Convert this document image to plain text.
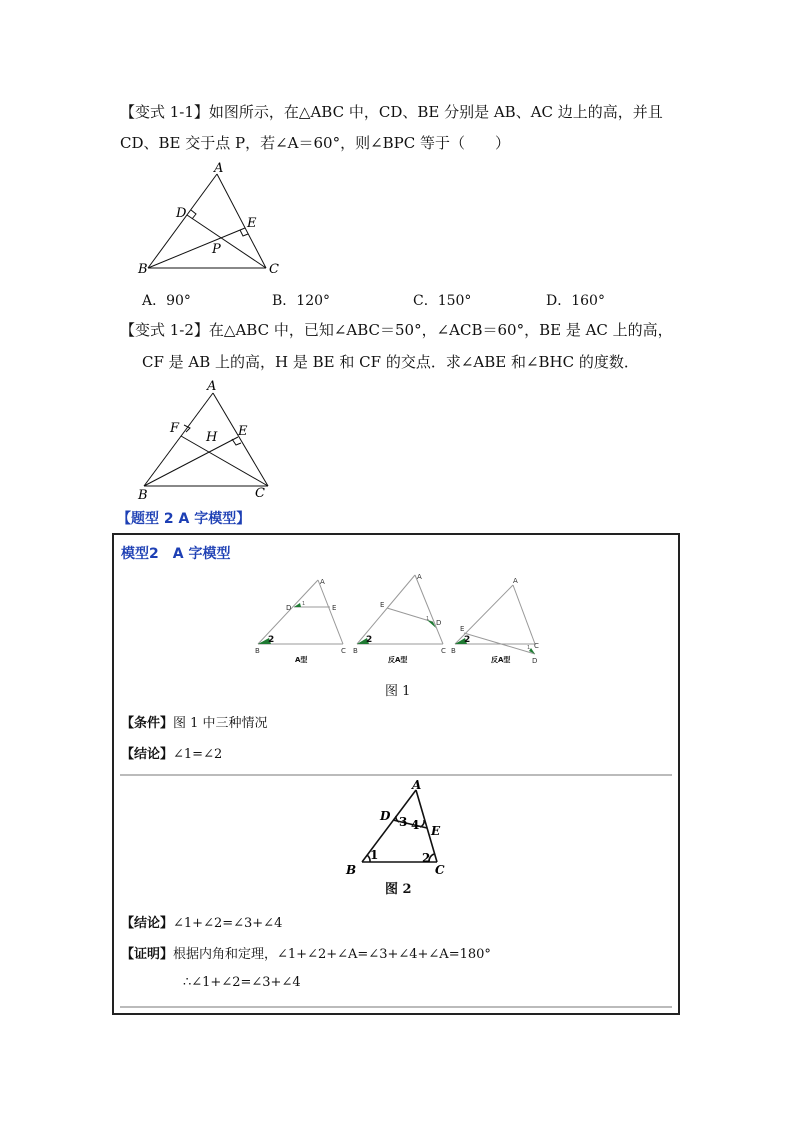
【变式 1-1】如图所示，在△ABC 中，CD、BE 分别是 AB、AC 边上的高，并且
CD、BE 交于点 P，若∠A＝60°，则∠BPC 等于（　　）
A
B	C
D
E
P
A．90°	B．120°	C．150°	D．160°
【变式 1-2】在△ABC 中，已知∠ABC＝50°，∠ACB＝60°，BE 是 AC 上的高，
CF 是 AB 上的高，H 是 BE 和 CF 的交点．求∠ABE 和∠BHC 的度数．
A
B	C
E
F
H
【题型 2 A 字模型】
模型2　A 字模型
A
B	C
D	E
A
B	C
D
E
A
B
C
D
E
2	2	2
1
1
1
A型	反A型	反A型
图 1
【条件】图 1 中三种情况
【结论】∠1=∠2
A
B	C
D
E
1	2
3 4
图 2
【结论】∠1+∠2=∠3+∠4
【证明】根据内角和定理，∠1+∠2+∠A=∠3+∠4+∠A=180°
∴∠1+∠2=∠3+∠4
